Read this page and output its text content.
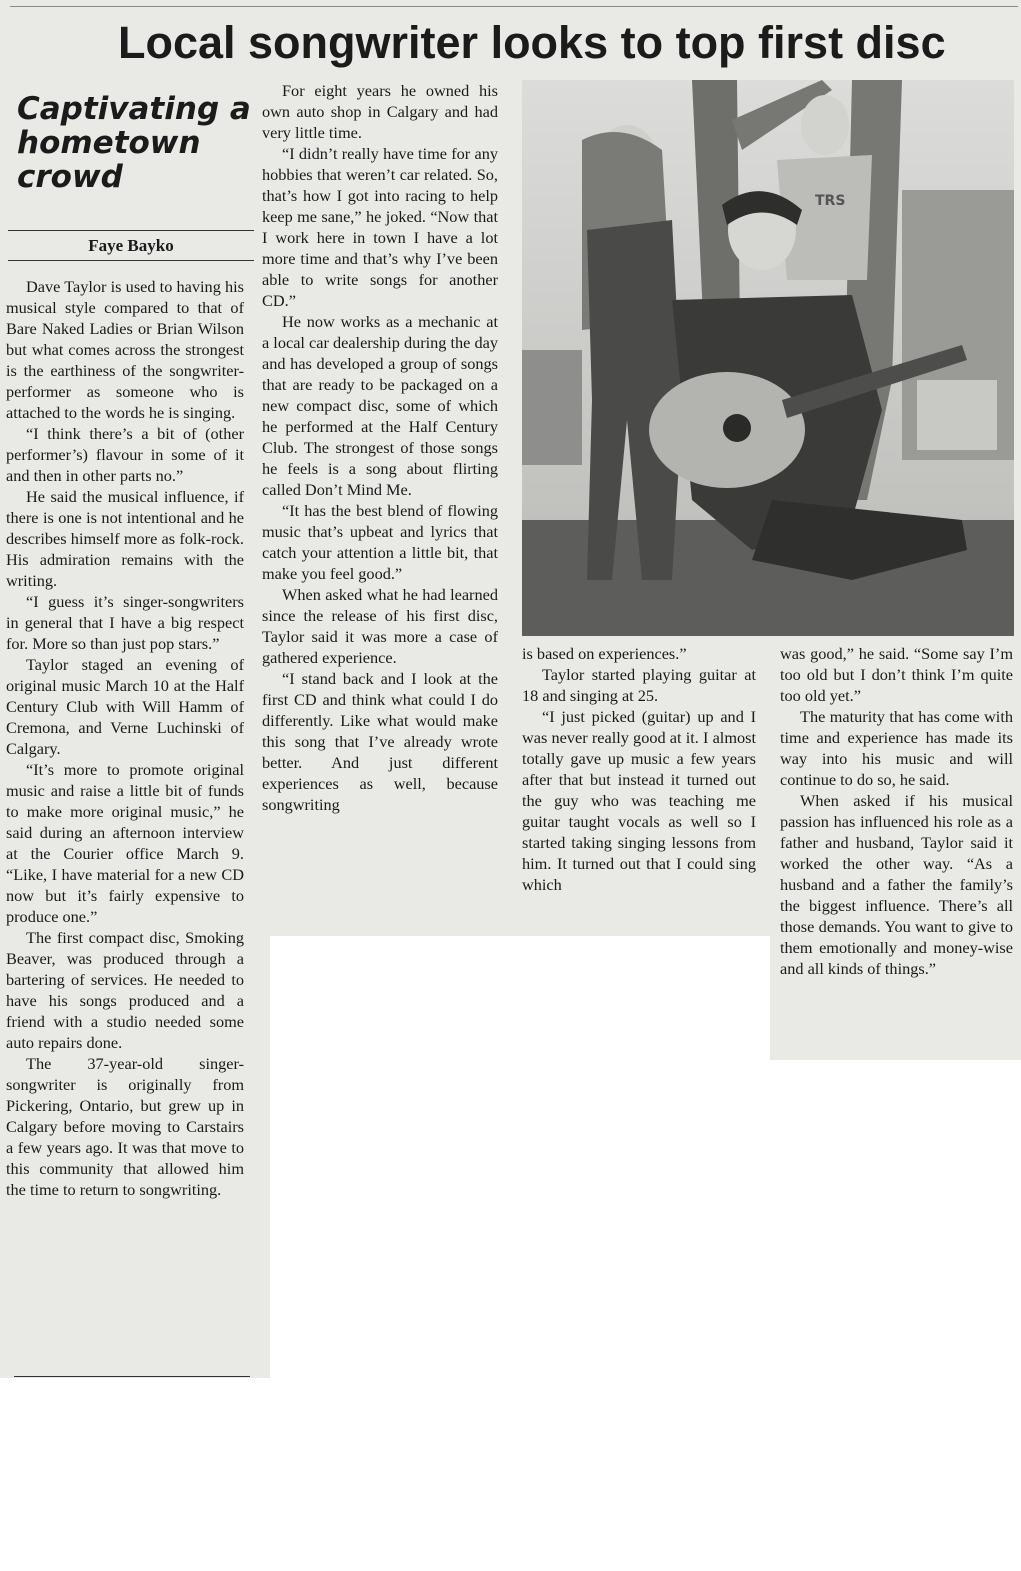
Local songwriter looks to top first disc
Captivating a hometown crowd
Faye Bayko

Dave Taylor is used to having his musical style compared to that of Bare Naked Ladies or Brian Wilson but what comes across the strongest is the earthiness of the songwriter-performer as someone who is attached to the words he is singing.

“I think there’s a bit of (other performer’s) flavour in some of it and then in other parts no.”

He said the musical influence, if there is one is not intentional and he describes himself more as folk-rock. His admiration remains with the writing.

“I guess it’s singer-songwriters in general that I have a big respect for. More so than just pop stars.”

Taylor staged an evening of original music March 10 at the Half Century Club with Will Hamm of Cremona, and Verne Luchinski of Calgary.

“It’s more to promote original music and raise a little bit of funds to make more original music,” he said during an afternoon interview at the Courier office March 9. “Like, I have material for a new CD now but it’s fairly expensive to produce one.”

The first compact disc, Smoking Beaver, was produced through a bartering of services. He needed to have his songs produced and a friend with a studio needed some auto repairs done.

The 37-year-old singer-songwriter is originally from Pickering, Ontario, but grew up in Calgary before moving to Carstairs a few years ago. It was that move to this community that allowed him the time to return to songwriting.

For eight years he owned his own auto shop in Calgary and had very little time.

“I didn’t really have time for any hobbies that weren’t car related. So, that’s how I got into racing to help keep me sane,” he joked. “Now that I work here in town I have a lot more time and that’s why I’ve been able to write songs for another CD.”

He now works as a mechanic at a local car dealership during the day and has developed a group of songs that are ready to be packaged on a new compact disc, some of which he performed at the Half Century Club. The strongest of those songs he feels is a song about flirting called Don’t Mind Me.

“It has the best blend of flowing music that’s upbeat and lyrics that catch your attention a little bit, that make you feel good.”

When asked what he had learned since the release of his first disc, Taylor said it was more a case of gathered experience.

“I stand back and I look at the first CD and think what could I do differently. Like what would make this song that I’ve already wrote better. And just different experiences as well, because songwriting

TRS

is based on experiences.”

Taylor started playing guitar at 18 and singing at 25.

“I just picked (guitar) up and I was never really good at it. I almost totally gave up music a few years after that but instead it turned out the guy who was teaching me guitar taught vocals as well so I started taking singing lessons from him. It turned out that I could sing which

was good,” he said. “Some say I’m too old but I don’t think I’m quite too old yet.”

The maturity that has come with time and experience has made its way into his music and will continue to do so, he said.

When asked if his musical passion has influenced his role as a father and husband, Taylor said it worked the other way. “As a husband and a father the family’s the biggest influence. There’s all those demands. You want to give to them emotionally and money-wise and all kinds of things.”
